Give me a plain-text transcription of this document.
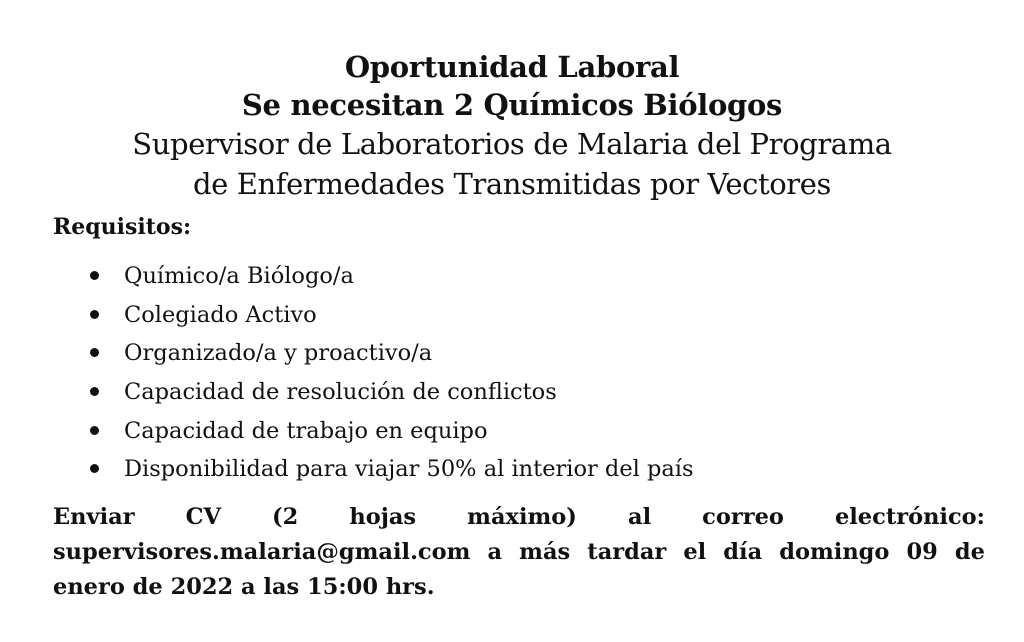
Oportunidad Laboral
Se necesitan 2 Químicos Biólogos
Supervisor de Laboratorios de Malaria del Programa
de Enfermedades Transmitidas por Vectores
Requisitos:
Químico/a Biólogo/a
Colegiado Activo
Organizado/a y proactivo/a
Capacidad de resolución de conflictos
Capacidad de trabajo en equipo
Disponibilidad para viajar 50% al interior del país
Enviar CV (2 hojas máximo) al correo electrónico:
supervisores.malaria@gmail.com a más tardar el día domingo 09 de
enero de 2022 a las 15:00 hrs.
